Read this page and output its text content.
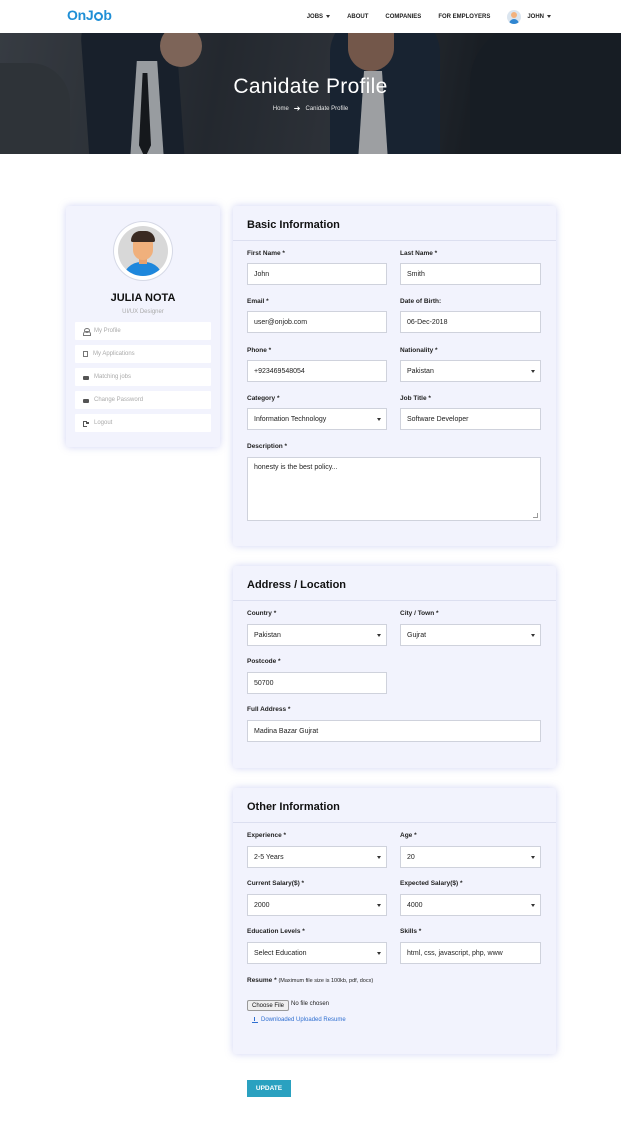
OnJ b	JOBS	ABOUT	COMPANIES	FOR EMPLOYERS	JOHN
Canidate Profile
Home ➔ Canidate Profile
JULIA NOTA
UI/UX Designer
My Profile
My Applications
Matching jobs
Change Password
Logout
Basic Information
First Name *
John
Last Name *
Smith
Email *
user@onjob.com
Date of Birth:
06-Dec-2018
Phone *
+923469548054
Nationality *
Pakistan
Category *
Information Technology
Job Title *
Software Developer
Description *
honesty is the best policy...
Address / Location
Country *
Pakistan
City / Town *
Gujrat
Postcode *
50700
Full Address *
Madina Bazar Gujrat
Other Information
Experience *
2-5 Years
Age *
20
Current Salary($) *
2000
Expected Salary($) *
4000
Education Levels *
Select Education
Skills *
html, css, javascript, php, www
Resume * (Maximum file size is 100kb, pdf, docx)
Choose File	No file chosen
Downloaded Uploaded Resume
UPDATE
